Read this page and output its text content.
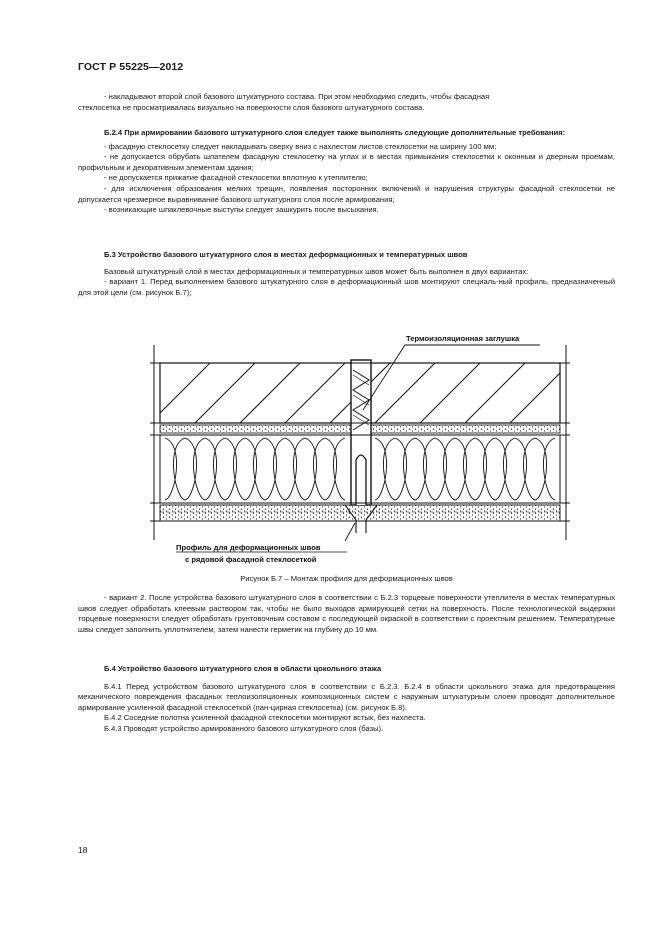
ГОСТ Р 55225—2012
- накладывают второй слой базового штукатурного состава. При этом необходимо следить, чтобы фасадная
стеклосетка не просматривалась визуально на поверхности слоя базового штукатурного состава.
Б.2.4 При армировании базового штукатурного слоя следует также выполнять следующие дополнительные требования:
- фасадную стеклосетку следует накладывать сверху вниз с нахлестом листов стеклосетки на ширину 100 мм;
- не допускается обрубать шпателем фасадную стеклосетку на углах и в местах примыкания стеклосетки к оконным и дверным проемам, профильным и декоративным элементам здания;
- не допускается прижатие фасадной стеклосетки вплотную к утеплителю;
- для исключения образования мелких трещин, появления посторонних включений и нарушения структуры фасадной стеклосетки не допускается чрезмерное выравнивание базового штукатурного слоя после армирования;
- возникающие шпаклевочные выступы следует зашкурить после высыхания.
Б.3 Устройство базового штукатурного слоя в местах деформационных и температурных швов
Базовый штукатурный слой в местах деформационных и температурных швов может быть выполнен в двух вариантах:
- вариант 1. Перед выполнением базового штукатурного слоя в деформационный шов монтируют специаль-ный профиль, предназначенный для этой цели (см. рисунок Б.7);
Термоизоляционная заглушка
Профиль для деформационных швов
с рядовой фасадной стеклосеткой
Рисунок Б.7 – Монтаж профиля для деформационных швов
- вариант 2. После устройства базового штукатурного слоя в соответствии с Б.2.3 торцевые поверхности утеплителя в местах температурных швов следует обработать клеевым раствором так, чтобы не было выходов армирующей сетки на поверхность. После технологической выдержки торцевые поверхности следует обработать грунтовочным составом с последующей окраской в соответствии с проектным решением. Температурные швы следует заполнить уплотнителем, затем нанести герметик на глубину до 10 мм.
Б.4 Устройство базового штукатурного слоя в области цокольного этажа
Б.4.1 Перед устройством базового штукатурного слоя в соответствии с Б.2.3. Б.2.4 в области цокольного этажа для предотвращения механического повреждения фасадных теплоизоляционных композиционных систем с наружным штукатурным слоем проводят дополнительное армирование усиленной фасадной стеклосеткой (пан-цирная стеклосетка) (см. рисунок Б.8).
Б.4.2 Соседние полотна усиленной фасадной стеклосетки монтируют встык, без нахлеста.
Б.4.3 Проводят устройство армированного базового штукатурного слоя (базы).
18
